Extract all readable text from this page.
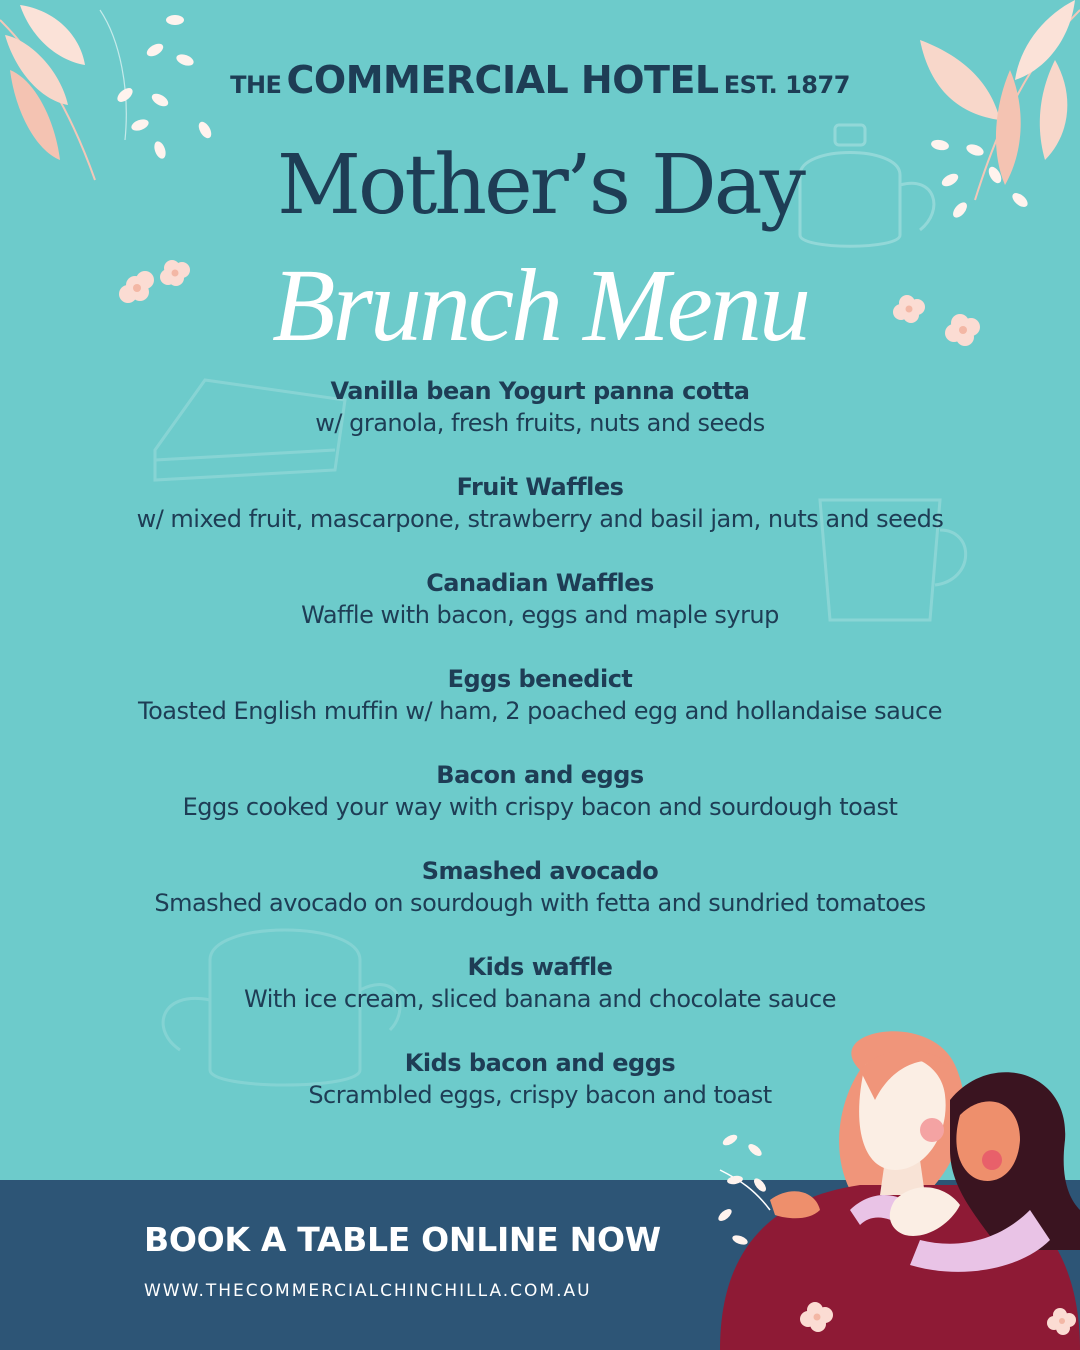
THE COMMERCIAL HOTEL EST. 1877
Mother’s Day
Brunch Menu
Vanilla bean Yogurt panna cotta
w/ granola, fresh fruits, nuts and seeds
Fruit Waffles
w/ mixed fruit, mascarpone, strawberry and basil jam, nuts and seeds
Canadian Waffles
Waffle with bacon, eggs and maple syrup
Eggs benedict
Toasted English muffin w/ ham, 2 poached egg and hollandaise sauce
Bacon and eggs
Eggs cooked your way with crispy bacon and sourdough toast
Smashed avocado
Smashed avocado on sourdough with fetta and sundried tomatoes
Kids waffle
With ice cream, sliced banana and chocolate sauce
Kids bacon and eggs
Scrambled eggs, crispy bacon and toast
BOOK A TABLE ONLINE NOW
WWW.THECOMMERCIALCHINCHILLA.COM.AU
